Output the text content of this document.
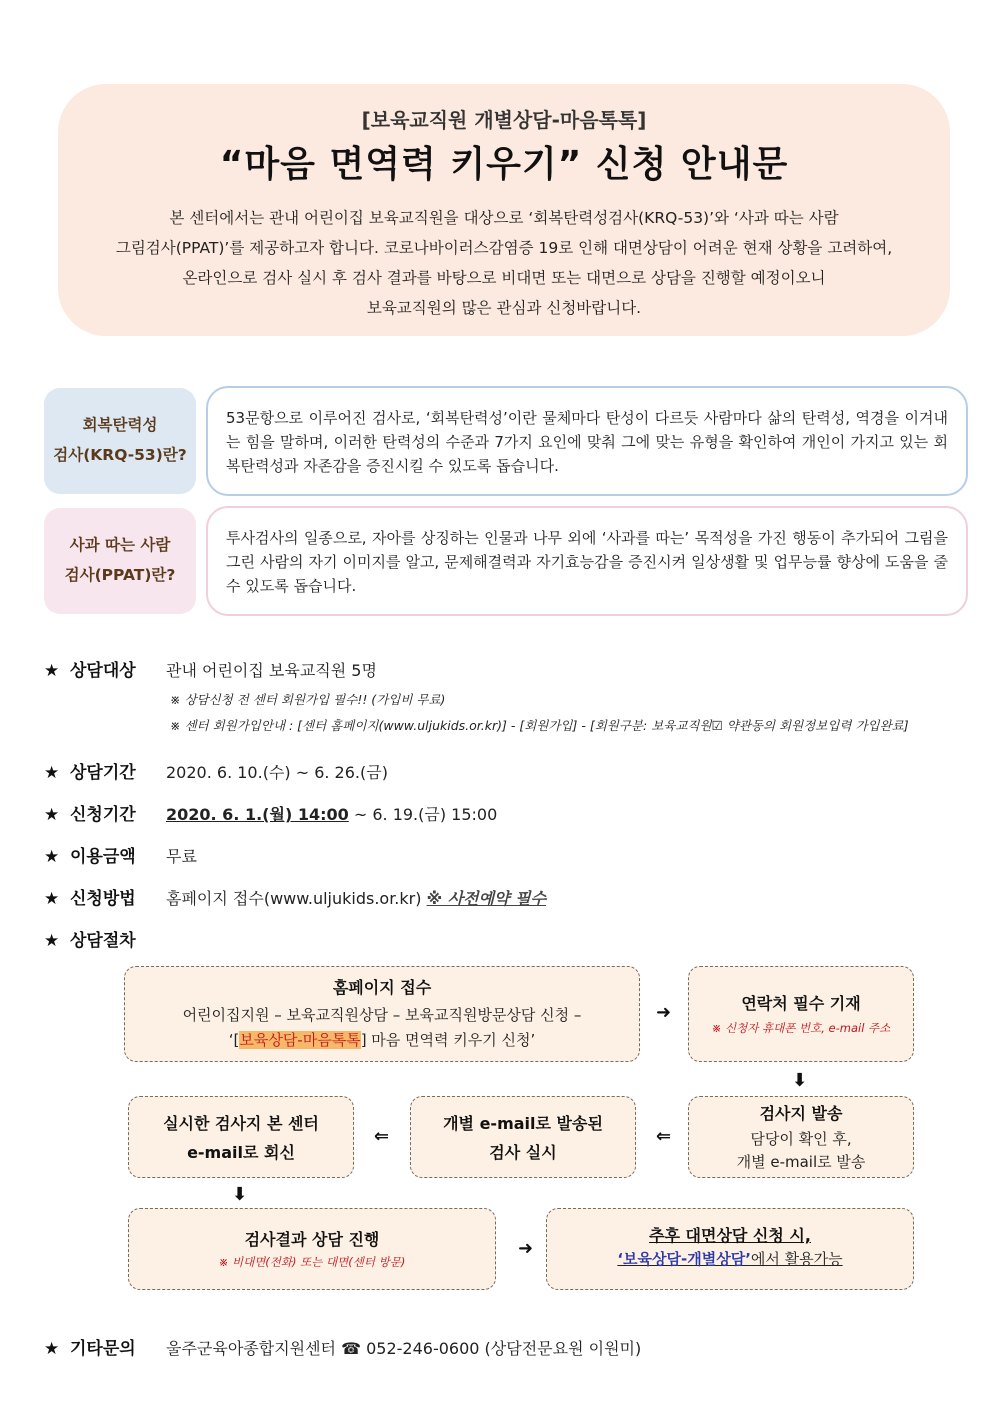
[보육교직원 개별상담-마음톡톡]
“마음 면역력 키우기” 신청 안내문
본 센터에서는 관내 어린이집 보육교직원을 대상으로 ‘회복탄력성검사(KRQ-53)’와 ‘사과 따는 사람
그림검사(PPAT)’를 제공하고자 합니다. 코로나바이러스감염증 19로 인해 대면상담이 어려운 현재 상황을 고려하여,
온라인으로 검사 실시 후 검사 결과를 바탕으로 비대면 또는 대면으로 상담을 진행할 예정이오니
보육교직원의 많은 관심과 신청바랍니다.
회복탄력성
검사(KRQ-53)란?
53문항으로 이루어진 검사로, ‘회복탄력성’이란 물체마다 탄성이 다르듯 사람마다 삶의 탄력성, 역경을 이겨내는 힘을 말하며, 이러한 탄력성의 수준과 7가지 요인에 맞춰 그에 맞는 유형을 확인하여 개인이 가지고 있는 회복탄력성과 자존감을 증진시킬 수 있도록 돕습니다.
사과 따는 사람
검사(PPAT)란?
투사검사의 일종으로, 자아를 상징하는 인물과 나무 외에 ‘사과를 따는’ 목적성을 가진 행동이 추가되어 그림을 그린 사람의 자기 이미지를 알고, 문제해결력과 자기효능감을 증진시켜 일상생활 및 업무능률 향상에 도움을 줄 수 있도록 돕습니다.
★ 상담대상 관내 어린이집 보육교직원 5명
※ 상담신청 전 센터 회원가입 필수!! (가입비 무료)
※ 센터 회원가입안내 : [센터 홈페이지(www.uljukids.or.kr)] - [회원가입] - [회원구분: 보육교직원☑ 약관동의 회원정보입력 가입완료]
★ 상담기간 2020. 6. 10.(수) ~ 6. 26.(금)
★ 신청기간 2020. 6. 1.(월) 14:00 ~ 6. 19.(금) 15:00
★ 이용금액 무료
★ 신청방법 홈페이지 접수(www.uljukids.or.kr) ※ 사전예약 필수
★ 상담절차
홈페이지 접수
어린이집지원 – 보육교직원상담 – 보육교직원방문상담 신청 –
‘[보육상담-마음톡톡] 마음 면역력 키우기 신청’
➜	연락처 필수 기재
※ 신청자 휴대폰 번호, e-mail 주소
⬇
검사지 발송
담당이 확인 후,
개별 e-mail로 발송
⇐
개별 e-mail로 발송된
검사 실시
⇐
실시한 검사지 본 센터
e-mail로 회신
⬇
검사결과 상담 진행
※ 비대면(전화) 또는 대면(센터 방문)
➜
추후 대면상담 신청 시,
‘보육상담-개별상담’에서 활용가능
★ 기타문의 울주군육아종합지원센터 ☎ 052-246-0600 (상담전문요원 이원미)
